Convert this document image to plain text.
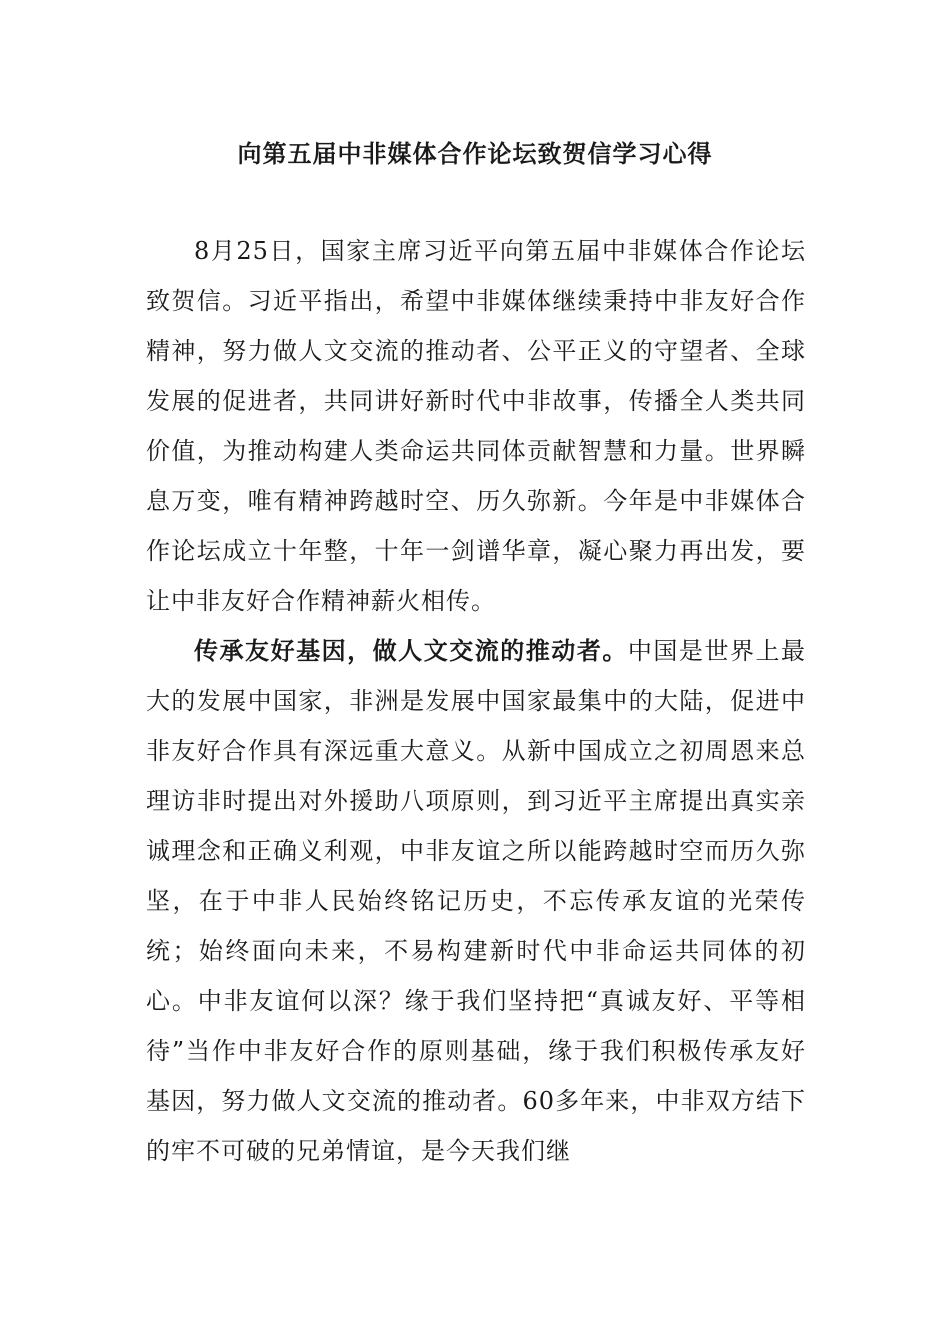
向第五届中非媒体合作论坛致贺信学习心得

8月25日，国家主席习近平向第五届中非媒体合作论坛致贺信。习近平指出，希望中非媒体继续秉持中非友好合作精神，努力做人文交流的推动者、公平正义的守望者、全球发展的促进者，共同讲好新时代中非故事，传播全人类共同价值，为推动构建人类命运共同体贡献智慧和力量。世界瞬息万变，唯有精神跨越时空、历久弥新。今年是中非媒体合作论坛成立十年整，十年一剑谱华章，凝心聚力再出发，要让中非友好合作精神薪火相传。

传承友好基因，做人文交流的推动者。中国是世界上最大的发展中国家，非洲是发展中国家最集中的大陆，促进中非友好合作具有深远重大意义。从新中国成立之初周恩来总理访非时提出对外援助八项原则，到习近平主席提出真实亲诚理念和正确义利观，中非友谊之所以能跨越时空而历久弥坚，在于中非人民始终铭记历史，不忘传承友谊的光荣传统；始终面向未来，不易构建新时代中非命运共同体的初心。中非友谊何以深？缘于我们坚持把“真诚友好、平等相待”当作中非友好合作的原则基础，缘于我们积极传承友好基因，努力做人文交流的推动者。60多年来，中非双方结下的牢不可破的兄弟情谊，是今天我们继
